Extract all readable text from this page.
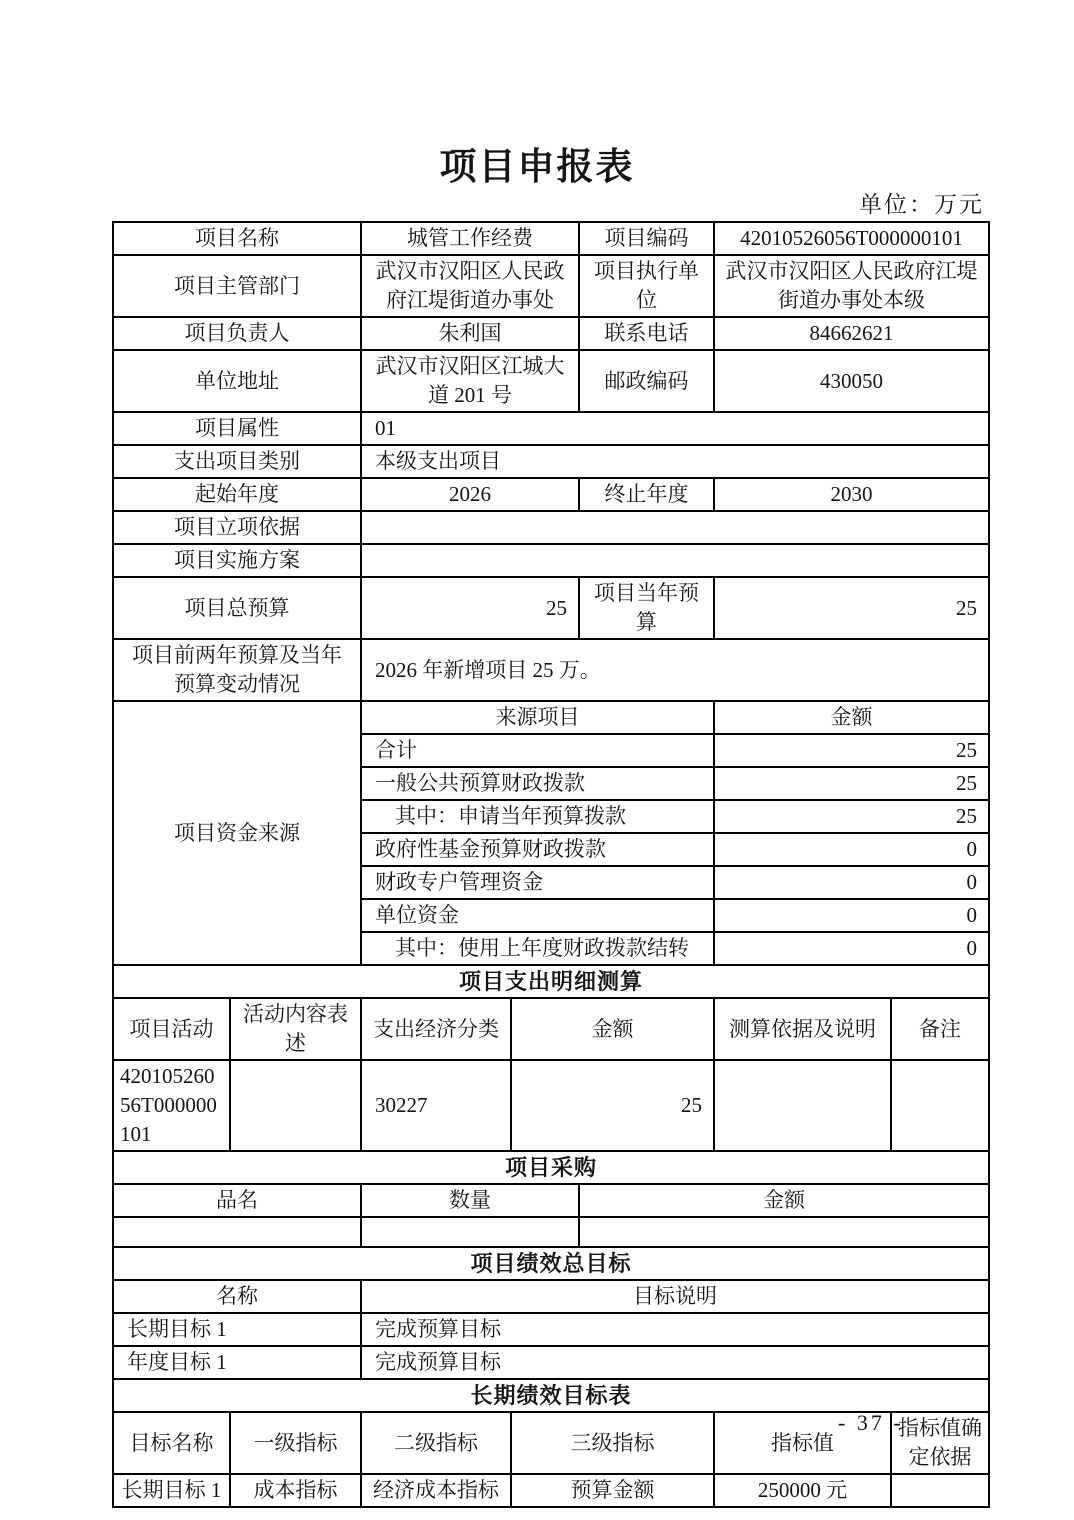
项目申报表
单位：万元
项目名称	城管工作经费	项目编码	42010526056T000000101
项目主管部门	武汉市汉阳区人民政府江堤街道办事处	项目执行单位	武汉市汉阳区人民政府江堤街道办事处本级
项目负责人	朱利国	联系电话	84662621
单位地址	武汉市汉阳区江城大道 201 号	邮政编码	430050
项目属性	01		
支出项目类别	本级支出项目		
起始年度	2026	终止年度	2030
项目立项依据			
项目实施方案			
项目总预算	25	项目当年预算	25
项目前两年预算及当年预算变动情况	2026 年新增项目 25 万。		
项目资金来源	来源项目	金额
	合计	25
	一般公共预算财政拨款	25
	其中：申请当年预算拨款	25
	政府性基金预算财政拨款	0
	财政专户管理资金	0
	单位资金	0
	其中：使用上年度财政拨款结转	0
项目支出明细测算					
项目活动	活动内容表述	支出经济分类	金额	测算依据及说明	备注
42010526056T000000101		30227	25		
项目采购		
品名	数量	金额

项目绩效总目标	
名称	目标说明
长期目标 1	完成预算目标
年度目标 1	完成预算目标
长期绩效目标表					
目标名称	一级指标	二级指标	三级指标	指标值	指标值确定依据
长期目标 1	成本指标	经济成本指标	预算金额	250000 元	
- 37 -
